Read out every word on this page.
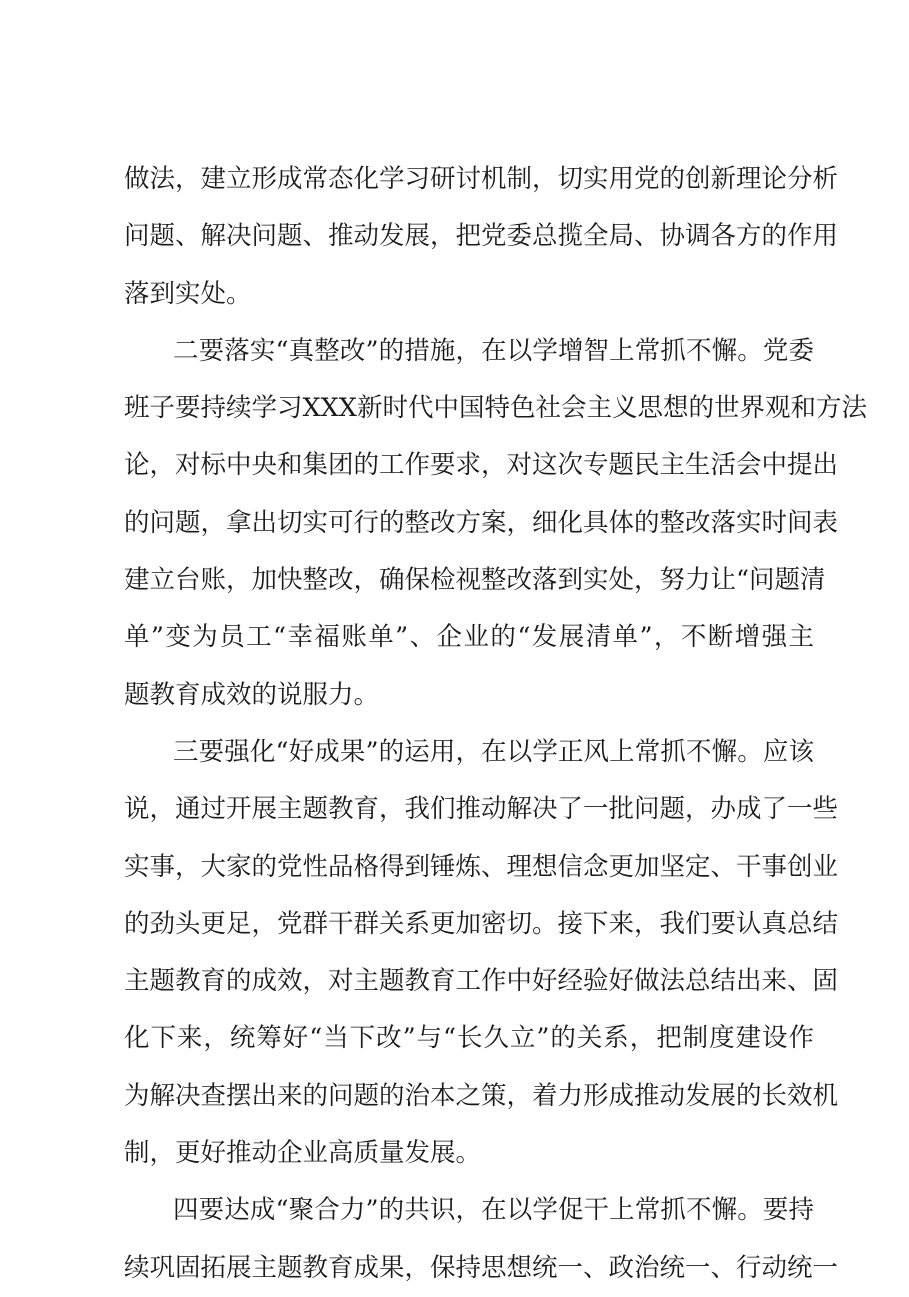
做法，建立形成常态化学习研讨机制，切实用党的创新理论分析
问题、解决问题、推动发展，把党委总揽全局、协调各方的作用
落到实处。
二要落实“真整改”的措施，在以学增智上常抓不懈。党委
班子要持续学习XXX新时代中国特色社会主义思想的世界观和方法
论，对标中央和集团的工作要求，对这次专题民主生活会中提出
的问题，拿出切实可行的整改方案，细化具体的整改落实时间表
建立台账，加快整改，确保检视整改落到实处，努力让“问题清
单”变为员工“幸福账单”、企业的“发展清单”，不断增强主
题教育成效的说服力。
三要强化“好成果”的运用，在以学正风上常抓不懈。应该
说，通过开展主题教育，我们推动解决了一批问题，办成了一些
实事，大家的党性品格得到锤炼、理想信念更加坚定、干事创业
的劲头更足，党群干群关系更加密切。接下来，我们要认真总结
主题教育的成效，对主题教育工作中好经验好做法总结出来、固
化下来，统筹好“当下改”与“长久立”的关系，把制度建设作
为解决查摆出来的问题的治本之策，着力形成推动发展的长效机
制，更好推动企业高质量发展。
四要达成“聚合力”的共识，在以学促干上常抓不懈。要持
续巩固拓展主题教育成果，保持思想统一、政治统一、行动统一
